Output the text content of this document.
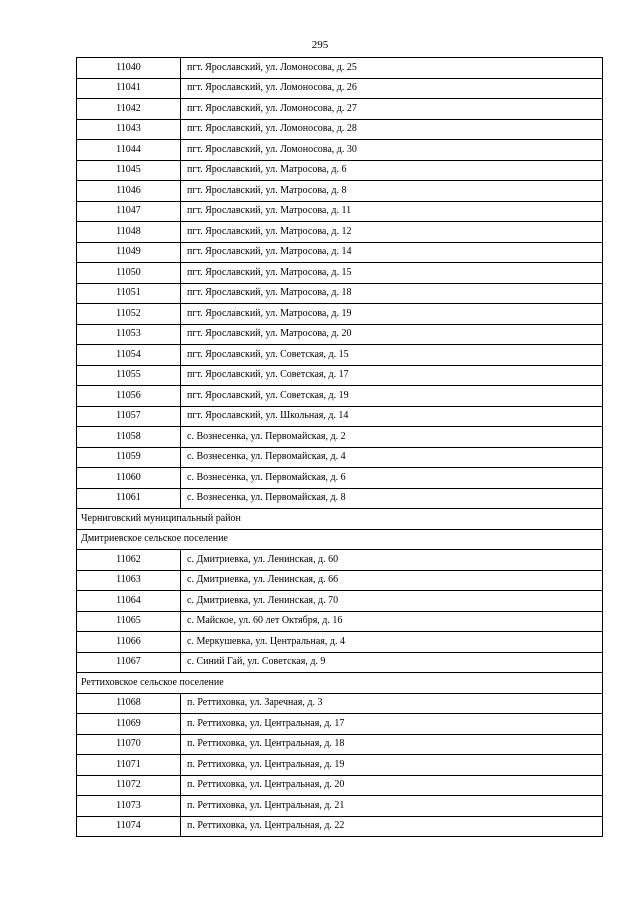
295
11040	пгт. Ярославский, ул. Ломоносова, д. 25
11041	пгт. Ярославский, ул. Ломоносова, д. 26
11042	пгт. Ярославский, ул. Ломоносова, д. 27
11043	пгт. Ярославский, ул. Ломоносова, д. 28
11044	пгт. Ярославский, ул. Ломоносова, д. 30
11045	пгт. Ярославский, ул. Матросова, д. 6
11046	пгт. Ярославский, ул. Матросова, д. 8
11047	пгт. Ярославский, ул. Матросова, д. 11
11048	пгт. Ярославский, ул. Матросова, д. 12
11049	пгт. Ярославский, ул. Матросова, д. 14
11050	пгт. Ярославский, ул. Матросова, д. 15
11051	пгт. Ярославский, ул. Матросова, д. 18
11052	пгт. Ярославский, ул. Матросова, д. 19
11053	пгт. Ярославский, ул. Матросова, д. 20
11054	пгт. Ярославский, ул. Советская, д. 15
11055	пгт. Ярославский, ул. Советская, д. 17
11056	пгт. Ярославский, ул. Советская, д. 19
11057	пгт. Ярославский, ул. Школьная, д. 14
11058	с. Вознесенка, ул. Первомайская, д. 2
11059	с. Вознесенка, ул. Первомайская, д. 4
11060	с. Вознесенка, ул. Первомайская, д. 6
11061	с. Вознесенка, ул. Первомайская, д. 8
Черниговский муниципальный район	
Дмитриевское сельское поселение	
11062	с. Дмитриевка, ул. Ленинская, д. 60
11063	с. Дмитриевка, ул. Ленинская, д. 66
11064	с. Дмитриевка, ул. Ленинская, д. 70
11065	с. Майское, ул. 60 лет Октября, д. 16
11066	с. Меркушевка, ул. Центральная, д. 4
11067	с. Синий Гай, ул. Советская, д. 9
Реттиховское сельское поселение	
11068	п. Реттиховка, ул. Заречная, д. 3
11069	п. Реттиховка, ул. Центральная, д. 17
11070	п. Реттиховка, ул. Центральная, д. 18
11071	п. Реттиховка, ул. Центральная, д. 19
11072	п. Реттиховка, ул. Центральная, д. 20
11073	п. Реттиховка, ул. Центральная, д. 21
11074	п. Реттиховка, ул. Центральная, д. 22
